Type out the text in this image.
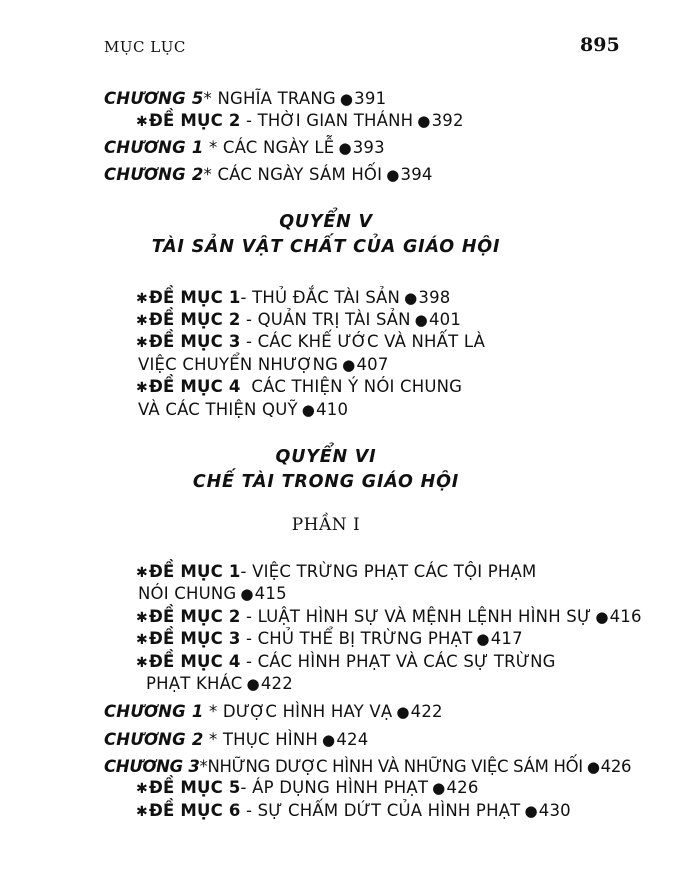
MỤC LỤC	895
CHƯƠNG 5* NGHĨA TRANG ●391
✱ĐỀ MỤC 2 - THỜI GIAN THÁNH ●392
CHƯƠNG 1 * CÁC NGÀY LỄ ●393
CHƯƠNG 2* CÁC NGÀY SÁM HỐI ●394
QUYỂN V
TÀI SẢN VẬT CHẤT CỦA GIÁO HỘI
✱ĐỀ MỤC 1- THỦ ĐẮC TÀI SẢN ●398
✱ĐỀ MỤC 2 - QUẢN TRỊ TÀI SẢN ●401
✱ĐỀ MỤC 3 - CÁC KHẾ ƯỚC VÀ NHẤT LÀ
VIỆC CHUYỂN NHƯỢNG ●407
✱ĐỀ MỤC 4 CÁC THIỆN Ý NÓI CHUNG
VÀ CÁC THIỆN QUỸ ●410
QUYỂN VI
CHẾ TÀI TRONG GIÁO HỘI
PHẦN I
✱ĐỀ MỤC 1- VIỆC TRỪNG PHẠT CÁC TỘI PHẠM
NÓI CHUNG ●415
✱ĐỀ MỤC 2 - LUẬT HÌNH SỰ VÀ MỆNH LỆNH HÌNH SỰ ●416
✱ĐỀ MỤC 3 - CHỦ THỂ BỊ TRỪNG PHẠT ●417
✱ĐỀ MỤC 4 - CÁC HÌNH PHẠT VÀ CÁC SỰ TRỪNG
PHẠT KHÁC ●422
CHƯƠNG 1 * DƯỢC HÌNH HAY VẠ ●422
CHƯƠNG 2 * THỤC HÌNH ●424
CHƯƠNG 3*NHỮNG DƯỢC HÌNH VÀ NHỮNG VIỆC SÁM HỐI ●426
✱ĐỀ MỤC 5- ÁP DỤNG HÌNH PHẠT ●426
✱ĐỀ MỤC 6 - SỰ CHẤM DỨT CỦA HÌNH PHẠT ●430
